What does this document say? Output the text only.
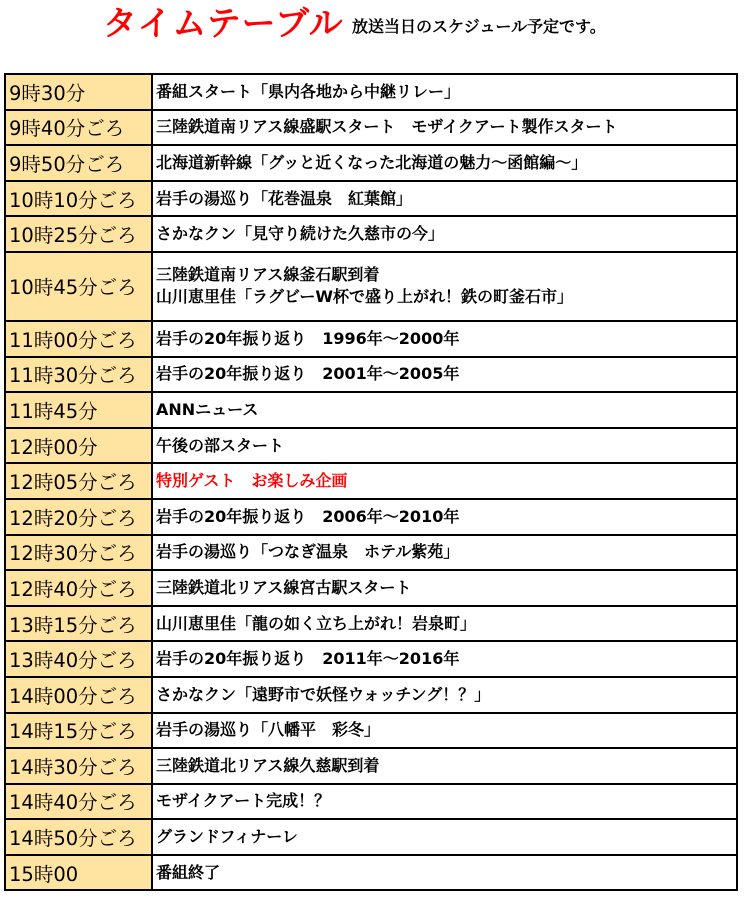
タイムテーブル 放送当日のスケジュール予定です。
9時30分	番組スタート「県内各地から中継リレー」

9時40分ごろ	三陸鉄道南リアス線盛駅スタート　モザイクアート製作スタート

9時50分ごろ	北海道新幹線「グッと近くなった北海道の魅力～函館編～」

10時10分ごろ	岩手の湯巡り「花巻温泉　紅葉館」

10時25分ごろ	さかなクン「見守り続けた久慈市の今」

10時45分ごろ	三陸鉄道南リアス線釜石駅到着
山川恵里佳「ラグビーW杯で盛り上がれ！鉄の町釜石市」

11時00分ごろ	岩手の20年振り返り　1996年～2000年

11時30分ごろ	岩手の20年振り返り　2001年～2005年

11時45分	ANNニュース

12時00分	午後の部スタート

12時05分ごろ	特別ゲスト　お楽しみ企画

12時20分ごろ	岩手の20年振り返り　2006年～2010年

12時30分ごろ	岩手の湯巡り「つなぎ温泉　ホテル紫苑」

12時40分ごろ	三陸鉄道北リアス線宮古駅スタート

13時15分ごろ	山川恵里佳「龍の如く立ち上がれ！岩泉町」

13時40分ごろ	岩手の20年振り返り　2011年～2016年

14時00分ごろ	さかなクン「遠野市で妖怪ウォッチング！？」

14時15分ごろ	岩手の湯巡り「八幡平　彩冬」

14時30分ごろ	三陸鉄道北リアス線久慈駅到着

14時40分ごろ	モザイクアート完成！？

14時50分ごろ	グランドフィナーレ

15時00	番組終了
